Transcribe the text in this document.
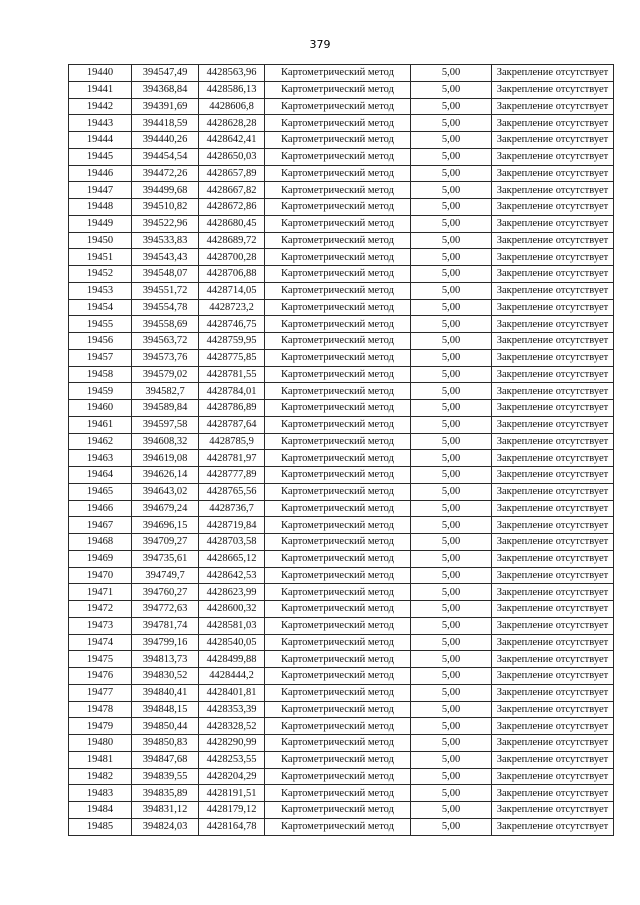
379
19440	394547,49	4428563,96	Картометрический метод	5,00	Закрепление отсутствует
19441	394368,84	4428586,13	Картометрический метод	5,00	Закрепление отсутствует
19442	394391,69	4428606,8	Картометрический метод	5,00	Закрепление отсутствует
19443	394418,59	4428628,28	Картометрический метод	5,00	Закрепление отсутствует
19444	394440,26	4428642,41	Картометрический метод	5,00	Закрепление отсутствует
19445	394454,54	4428650,03	Картометрический метод	5,00	Закрепление отсутствует
19446	394472,26	4428657,89	Картометрический метод	5,00	Закрепление отсутствует
19447	394499,68	4428667,82	Картометрический метод	5,00	Закрепление отсутствует
19448	394510,82	4428672,86	Картометрический метод	5,00	Закрепление отсутствует
19449	394522,96	4428680,45	Картометрический метод	5,00	Закрепление отсутствует
19450	394533,83	4428689,72	Картометрический метод	5,00	Закрепление отсутствует
19451	394543,43	4428700,28	Картометрический метод	5,00	Закрепление отсутствует
19452	394548,07	4428706,88	Картометрический метод	5,00	Закрепление отсутствует
19453	394551,72	4428714,05	Картометрический метод	5,00	Закрепление отсутствует
19454	394554,78	4428723,2	Картометрический метод	5,00	Закрепление отсутствует
19455	394558,69	4428746,75	Картометрический метод	5,00	Закрепление отсутствует
19456	394563,72	4428759,95	Картометрический метод	5,00	Закрепление отсутствует
19457	394573,76	4428775,85	Картометрический метод	5,00	Закрепление отсутствует
19458	394579,02	4428781,55	Картометрический метод	5,00	Закрепление отсутствует
19459	394582,7	4428784,01	Картометрический метод	5,00	Закрепление отсутствует
19460	394589,84	4428786,89	Картометрический метод	5,00	Закрепление отсутствует
19461	394597,58	4428787,64	Картометрический метод	5,00	Закрепление отсутствует
19462	394608,32	4428785,9	Картометрический метод	5,00	Закрепление отсутствует
19463	394619,08	4428781,97	Картометрический метод	5,00	Закрепление отсутствует
19464	394626,14	4428777,89	Картометрический метод	5,00	Закрепление отсутствует
19465	394643,02	4428765,56	Картометрический метод	5,00	Закрепление отсутствует
19466	394679,24	4428736,7	Картометрический метод	5,00	Закрепление отсутствует
19467	394696,15	4428719,84	Картометрический метод	5,00	Закрепление отсутствует
19468	394709,27	4428703,58	Картометрический метод	5,00	Закрепление отсутствует
19469	394735,61	4428665,12	Картометрический метод	5,00	Закрепление отсутствует
19470	394749,7	4428642,53	Картометрический метод	5,00	Закрепление отсутствует
19471	394760,27	4428623,99	Картометрический метод	5,00	Закрепление отсутствует
19472	394772,63	4428600,32	Картометрический метод	5,00	Закрепление отсутствует
19473	394781,74	4428581,03	Картометрический метод	5,00	Закрепление отсутствует
19474	394799,16	4428540,05	Картометрический метод	5,00	Закрепление отсутствует
19475	394813,73	4428499,88	Картометрический метод	5,00	Закрепление отсутствует
19476	394830,52	4428444,2	Картометрический метод	5,00	Закрепление отсутствует
19477	394840,41	4428401,81	Картометрический метод	5,00	Закрепление отсутствует
19478	394848,15	4428353,39	Картометрический метод	5,00	Закрепление отсутствует
19479	394850,44	4428328,52	Картометрический метод	5,00	Закрепление отсутствует
19480	394850,83	4428290,99	Картометрический метод	5,00	Закрепление отсутствует
19481	394847,68	4428253,55	Картометрический метод	5,00	Закрепление отсутствует
19482	394839,55	4428204,29	Картометрический метод	5,00	Закрепление отсутствует
19483	394835,89	4428191,51	Картометрический метод	5,00	Закрепление отсутствует
19484	394831,12	4428179,12	Картометрический метод	5,00	Закрепление отсутствует
19485	394824,03	4428164,78	Картометрический метод	5,00	Закрепление отсутствует
